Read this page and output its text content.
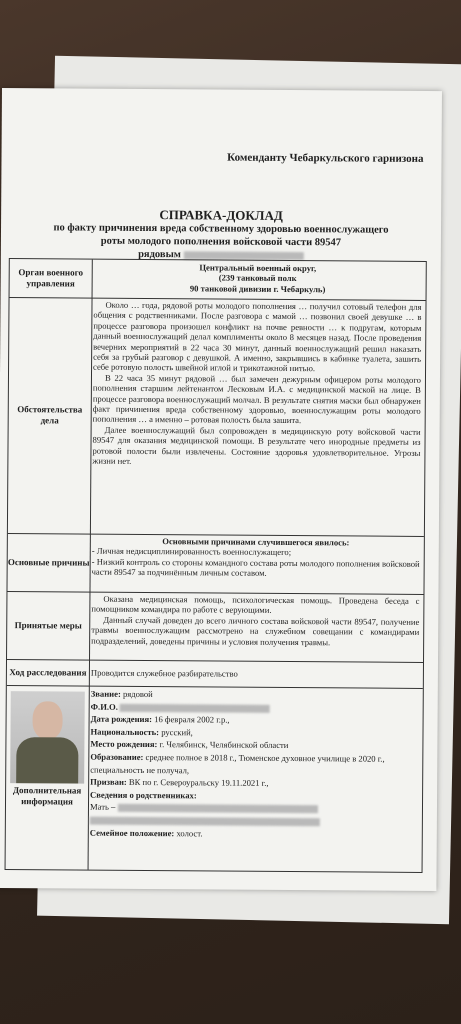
Коменданту Чебаркульского гарнизона
СПРАВКА-ДОКЛАД
по факту причинения вреда собственному здоровью военнослужащего
роты молодого пополнения войсковой части 89547
рядовым
Орган военного управления
Центральный военный округ,
(239 танковый полк
90 танковой дивизии г. Чебаркуль)
Обстоятельства дела

Около … года, рядовой роты молодого пополнения … получил сотовый телефон для общения с родственниками. После разговора с мамой … позвонил своей девушке … в процессе разговора произошел конфликт на почве ревности … к подругам, которым данный военнослужащий делал комплименты около 8 месяцев назад. После проведения вечерних мероприятий в 22 часа 30 минут, данный военнослужащий решил наказать себя за грубый разговор с девушкой. А именно, закрывшись в кабинке туалета, зашить себе ротовую полость швейной иглой и трикотажной нитью.

В 22 часа 35 минут рядовой … был замечен дежурным офицером роты молодого пополнения старшим лейтенантом Лесковым И.А. с медицинской маской на лице. В процессе разговора военнослужащий молчал. В результате снятия маски был обнаружен факт причинения вреда собственному здоровью, военнослужащим роты молодого пополнения … а именно – ротовая полость была зашита.

Далее военнослужащий был сопровожден в медицинскую роту войсковой части 89547 для оказания медицинской помощи. В результате чего инородные предметы из ротовой полости были извлечены. Состояние здоровья удовлетворительное. Угрозы жизни нет.

Основные причины
Основными причинами случившегося явилось:
- Личная недисциплинированность военнослужащего;
- Низкий контроль со стороны командного состава роты молодого пополнения войсковой части 89547 за подчинённым личным составом.
Принятые меры

Оказана медицинская помощь, психологическая помощь. Проведена беседа с помощником командира по работе с верующими.

Данный случай доведен до всего личного состава войсковой части 89547, получение травмы военнослужащим рассмотрено на служебном совещании с командирами подразделений, доведены причины и условия получения травмы.

Ход расследования Проводится служебное разбирательство
Дополнительная информация
Звание: рядовой
Ф.И.О.
Дата рождения: 16 февраля 2002 г.р.,
Национальность: русский,
Место рождения: г. Челябинск, Челябинской области
Образование: среднее полное в 2018 г., Тюменское духовное училище в 2020 г., специальность не получал,
Призван: ВК по г. Североуральску 19.11.2021 г.,
Сведения о родственниках:
Мать –
Семейное положение: холост.
